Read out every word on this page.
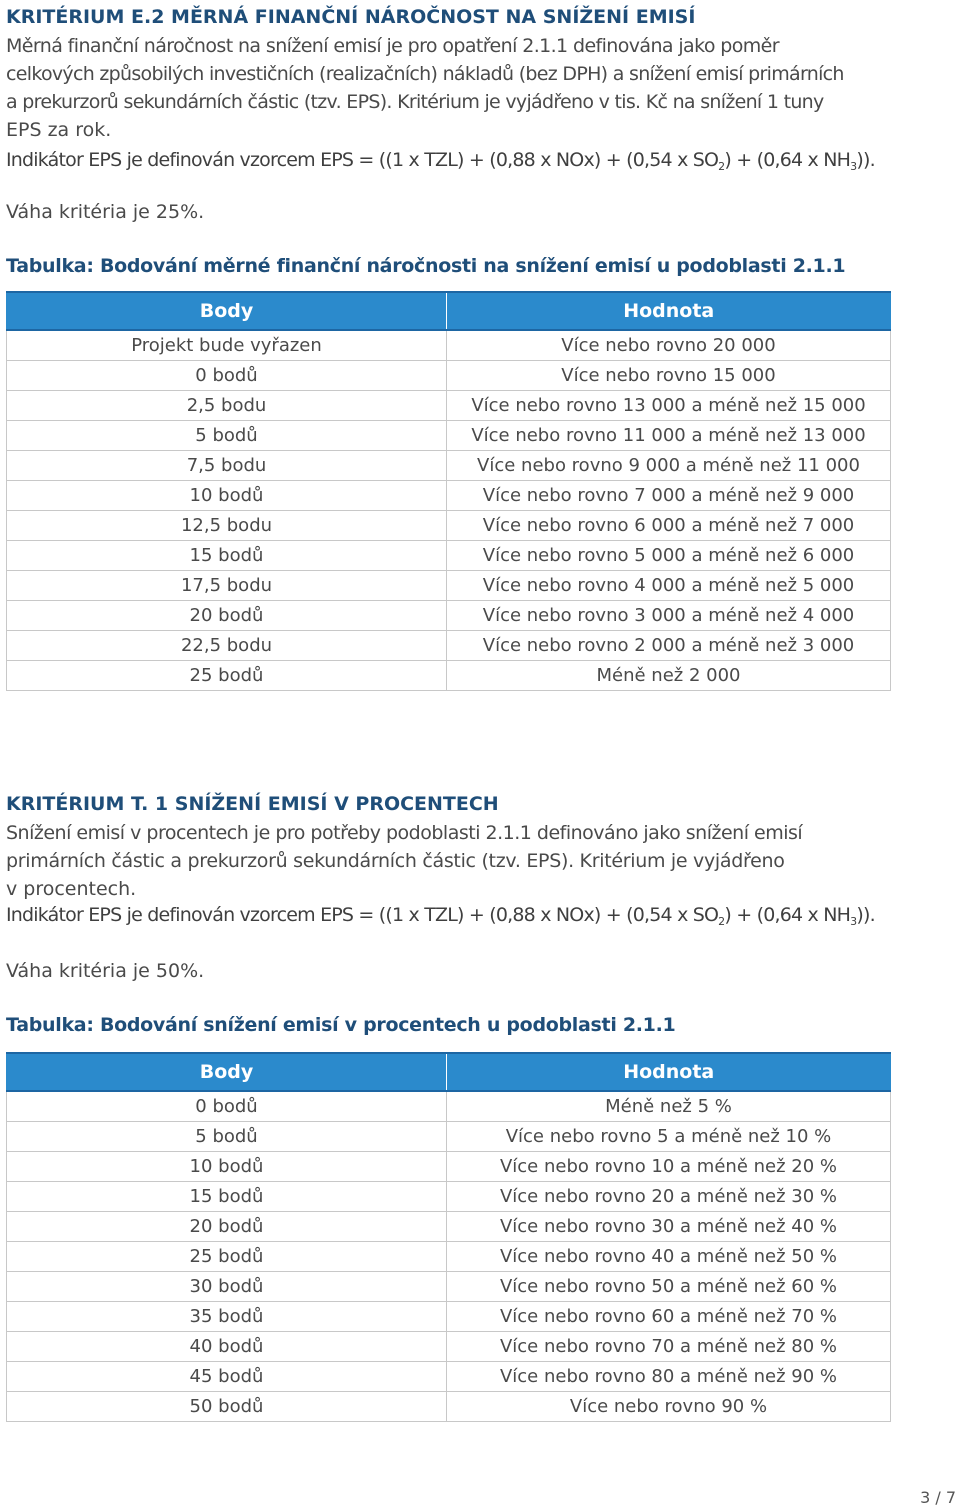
KRITÉRIUM E.2 MĚRNÁ FINANČNÍ NÁROČNOST NA SNÍŽENÍ EMISÍ

Měrná finanční náročnost na snížení emisí je pro opatření 2.1.1 definována jako poměr

celkových způsobilých investičních (realizačních) nákladů (bez DPH) a snížení emisí primárních

a prekurzorů sekundárních částic (tzv. EPS). Kritérium je vyjádřeno v tis. Kč na snížení 1 tuny

EPS za rok.

Indikátor EPS je definován vzorcem EPS = ((1 x TZL) + (0,88 x NOx) + (0,54 x $SO_2) + (0,64$ x $NH_3$)).

Váha kritéria je 25%.

Tabulka: Bodování měrné finanční náročnosti na snížení emisí u podoblasti 2.1.1

Body	Hodnota
Projekt bude vyřazen	Více nebo rovno 20 000
0 bodů	Více nebo rovno 15 000
2,5 bodu	Více nebo rovno 13 000 a méně než 15 000
5 bodů	Více nebo rovno 11 000 a méně než 13 000
7,5 bodu	Více nebo rovno 9 000 a méně než 11 000
10 bodů	Více nebo rovno 7 000 a méně než 9 000
12,5 bodu	Více nebo rovno 6 000 a méně než 7 000
15 bodů	Více nebo rovno 5 000 a méně než 6 000
17,5 bodu	Více nebo rovno 4 000 a méně než 5 000
20 bodů	Více nebo rovno 3 000 a méně než 4 000
22,5 bodu	Více nebo rovno 2 000 a méně než 3 000
25 bodů	Méně než 2 000
KRITÉRIUM T. 1 SNÍŽENÍ EMISÍ V PROCENTECH

Snížení emisí v procentech je pro potřeby podoblasti 2.1.1 definováno jako snížení emisí

primárních částic a prekurzorů sekundárních částic (tzv. EPS). Kritérium je vyjádřeno

v procentech.

Indikátor EPS je definován vzorcem EPS = ((1 x TZL) + (0,88 x NOx) + (0,54 x $SO_2) + (0,64$ x $NH_3$)).

Váha kritéria je 50%.

Tabulka: Bodování snížení emisí v procentech u podoblasti 2.1.1

Body	Hodnota
0 bodů	Méně než 5 %
5 bodů	Více nebo rovno 5 a méně než 10 %
10 bodů	Více nebo rovno 10 a méně než 20 %
15 bodů	Více nebo rovno 20 a méně než 30 %
20 bodů	Více nebo rovno 30 a méně než 40 %
25 bodů	Více nebo rovno 40 a méně než 50 %
30 bodů	Více nebo rovno 50 a méně než 60 %
35 bodů	Více nebo rovno 60 a méně než 70 %
40 bodů	Více nebo rovno 70 a méně než 80 %
45 bodů	Více nebo rovno 80 a méně než 90 %
50 bodů	Více nebo rovno 90 %
3 / 7
